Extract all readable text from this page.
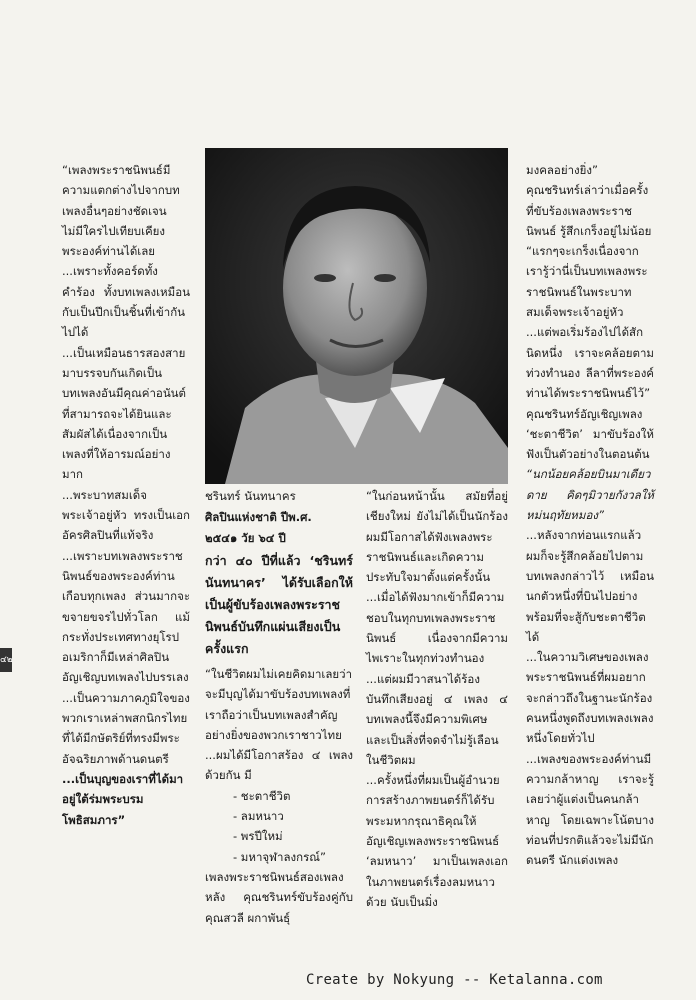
๔๒

“เพลงพระราชนิพนธ์มีความแตกต่างไปจากบทเพลงอื่นๆอย่างชัดเจน ไม่มีใครไปเทียบเคียงพระองค์ท่านได้เลย

...เพราะทั้งคอร์ดทั้งคำร้อง ทั้งบทเพลงเหมือนกับเป็นปึกเป็นชิ้นที่เข้ากันไปได้

...เป็นเหมือนธารสองสายมาบรรจบกันเกิดเป็นบทเพลงอันมีคุณค่าอนันต์ที่สามารถจะได้ยินและสัมผัสได้เนื่องจากเป็นเพลงที่ให้อารมณ์อย่างมาก

...พระบาทสมเด็จพระเจ้าอยู่หัว ทรงเป็นเอกอัครศิลปินที่แท้จริง

...เพราะบทเพลงพระราชนิพนธ์ของพระองค์ท่านเกือบทุกเพลง ส่วนมากจะขจายขจรไปทั่วโลก แม้กระทั่งประเทศทางยุโรป อเมริกาก็มีเหล่าศิลปินอัญเชิญบทเพลงไปบรรเลง

...เป็นความภาคภูมิใจของพวกเราเหล่าพสกนิกรไทย ที่ได้มีกษัตริย์ที่ทรงมีพระอัจฉริยภาพด้านดนตรี

...เป็นบุญของเราที่ได้มาอยู่ใต้ร่มพระบรมโพธิสมภาร”

ชรินทร์ นันทนาคร
ศิลปินแห่งชาติ ปีพ.ศ.
๒๕๔๑ วัย ๖๔ ปี

กว่า ๔๐ ปีที่แล้ว ‘ชรินทร์ นันทนาคร’ ได้รับเลือกให้เป็นผู้ขับร้องเพลงพระราชนิพนธ์บันทึกแผ่นเสียงเป็นครั้งแรก

“ในชีวิตผมไม่เคยคิดมาเลยว่าจะมีบุญได้มาขับร้องบทเพลงที่เราถือว่าเป็นบทเพลงสำคัญอย่างยิ่งของพวกเราชาวไทย

...ผมได้มีโอกาสร้อง ๔ เพลงด้วยกัน มี

- ชะตาชีวิต
- ลมหนาว
- พรปีใหม่
- มหาจุฬาลงกรณ์”

เพลงพระราชนิพนธ์สองเพลงหลัง คุณชรินทร์ขับร้องคู่กับคุณสวลี ผกาพันธุ์

“ในก่อนหน้านั้น สมัยที่อยู่เชียงใหม่ ยังไม่ได้เป็นนักร้อง ผมมีโอกาสได้ฟังเพลงพระราชนิพนธ์และเกิดความประทับใจมาตั้งแต่ครั้งนั้น

...เมื่อได้ฟังมากเข้าก็มีความชอบในทุกบทเพลงพระราชนิพนธ์ เนื่องจากมีความไพเราะในทุกท่วงทำนอง

...แต่ผมมีวาสนาได้ร้องบันทึกเสียงอยู่ ๔ เพลง ๔ บทเพลงนี้จึงมีความพิเศษและเป็นสิ่งที่จดจำไม่รู้เลือนในชีวิตผม

...ครั้งหนึ่งที่ผมเป็นผู้อำนวยการสร้างภาพยนตร์ก็ได้รับพระมหากรุณาธิคุณให้อัญเชิญเพลงพระราชนิพนธ์ ‘ลมหนาว’ มาเป็นเพลงเอกในภาพยนตร์เรื่องลมหนาวด้วย นับเป็นมิ่ง

มงคลอย่างยิ่ง”

คุณชรินทร์เล่าว่าเมื่อครั้งที่ขับร้องเพลงพระราชนิพนธ์ รู้สึกเกร็งอยู่ไม่น้อย

“แรกๆจะเกร็งเนื่องจากเรารู้ว่านี่เป็นบทเพลงพระราชนิพนธ์ในพระบาทสมเด็จพระเจ้าอยู่หัว

...แต่พอเริ่มร้องไปได้สักนิดหนึ่ง เราจะคล้อยตามท่วงทำนอง ลีลาที่พระองค์ท่านได้พระราชนิพนธ์ไว้”

คุณชรินทร์อัญเชิญเพลง ‘ชะตาชีวิต’ มาขับร้องให้ฟังเป็นตัวอย่างในตอนต้น

“นกน้อยคล้อยบินมาเดียวดาย คิดๆมิวายกังวลให้หม่นฤทัยหมอง”

...หลังจากท่อนแรกแล้วผมก็จะรู้สึกคล้อยไปตามบทเพลงกล่าวไว้ เหมือนนกตัวหนึ่งที่บินไปอย่างพร้อมที่จะสู้กับชะตาชีวิตได้

...ในความวิเศษของเพลงพระราชนิพนธ์ที่ผมอยากจะกล่าวถึงในฐานะนักร้องคนหนึ่งพูดถึงบทเพลงเพลงหนึ่งโดยทั่วไป

...เพลงของพระองค์ท่านมีความกล้าหาญ เราจะรู้เลยว่าผู้แต่งเป็นคนกล้าหาญ โดยเฉพาะโน้ตบางท่อนที่ปรกติแล้วจะไม่มีนักดนตรี นักแต่งเพลง

Create by Nokyung -- Ketalanna.com
